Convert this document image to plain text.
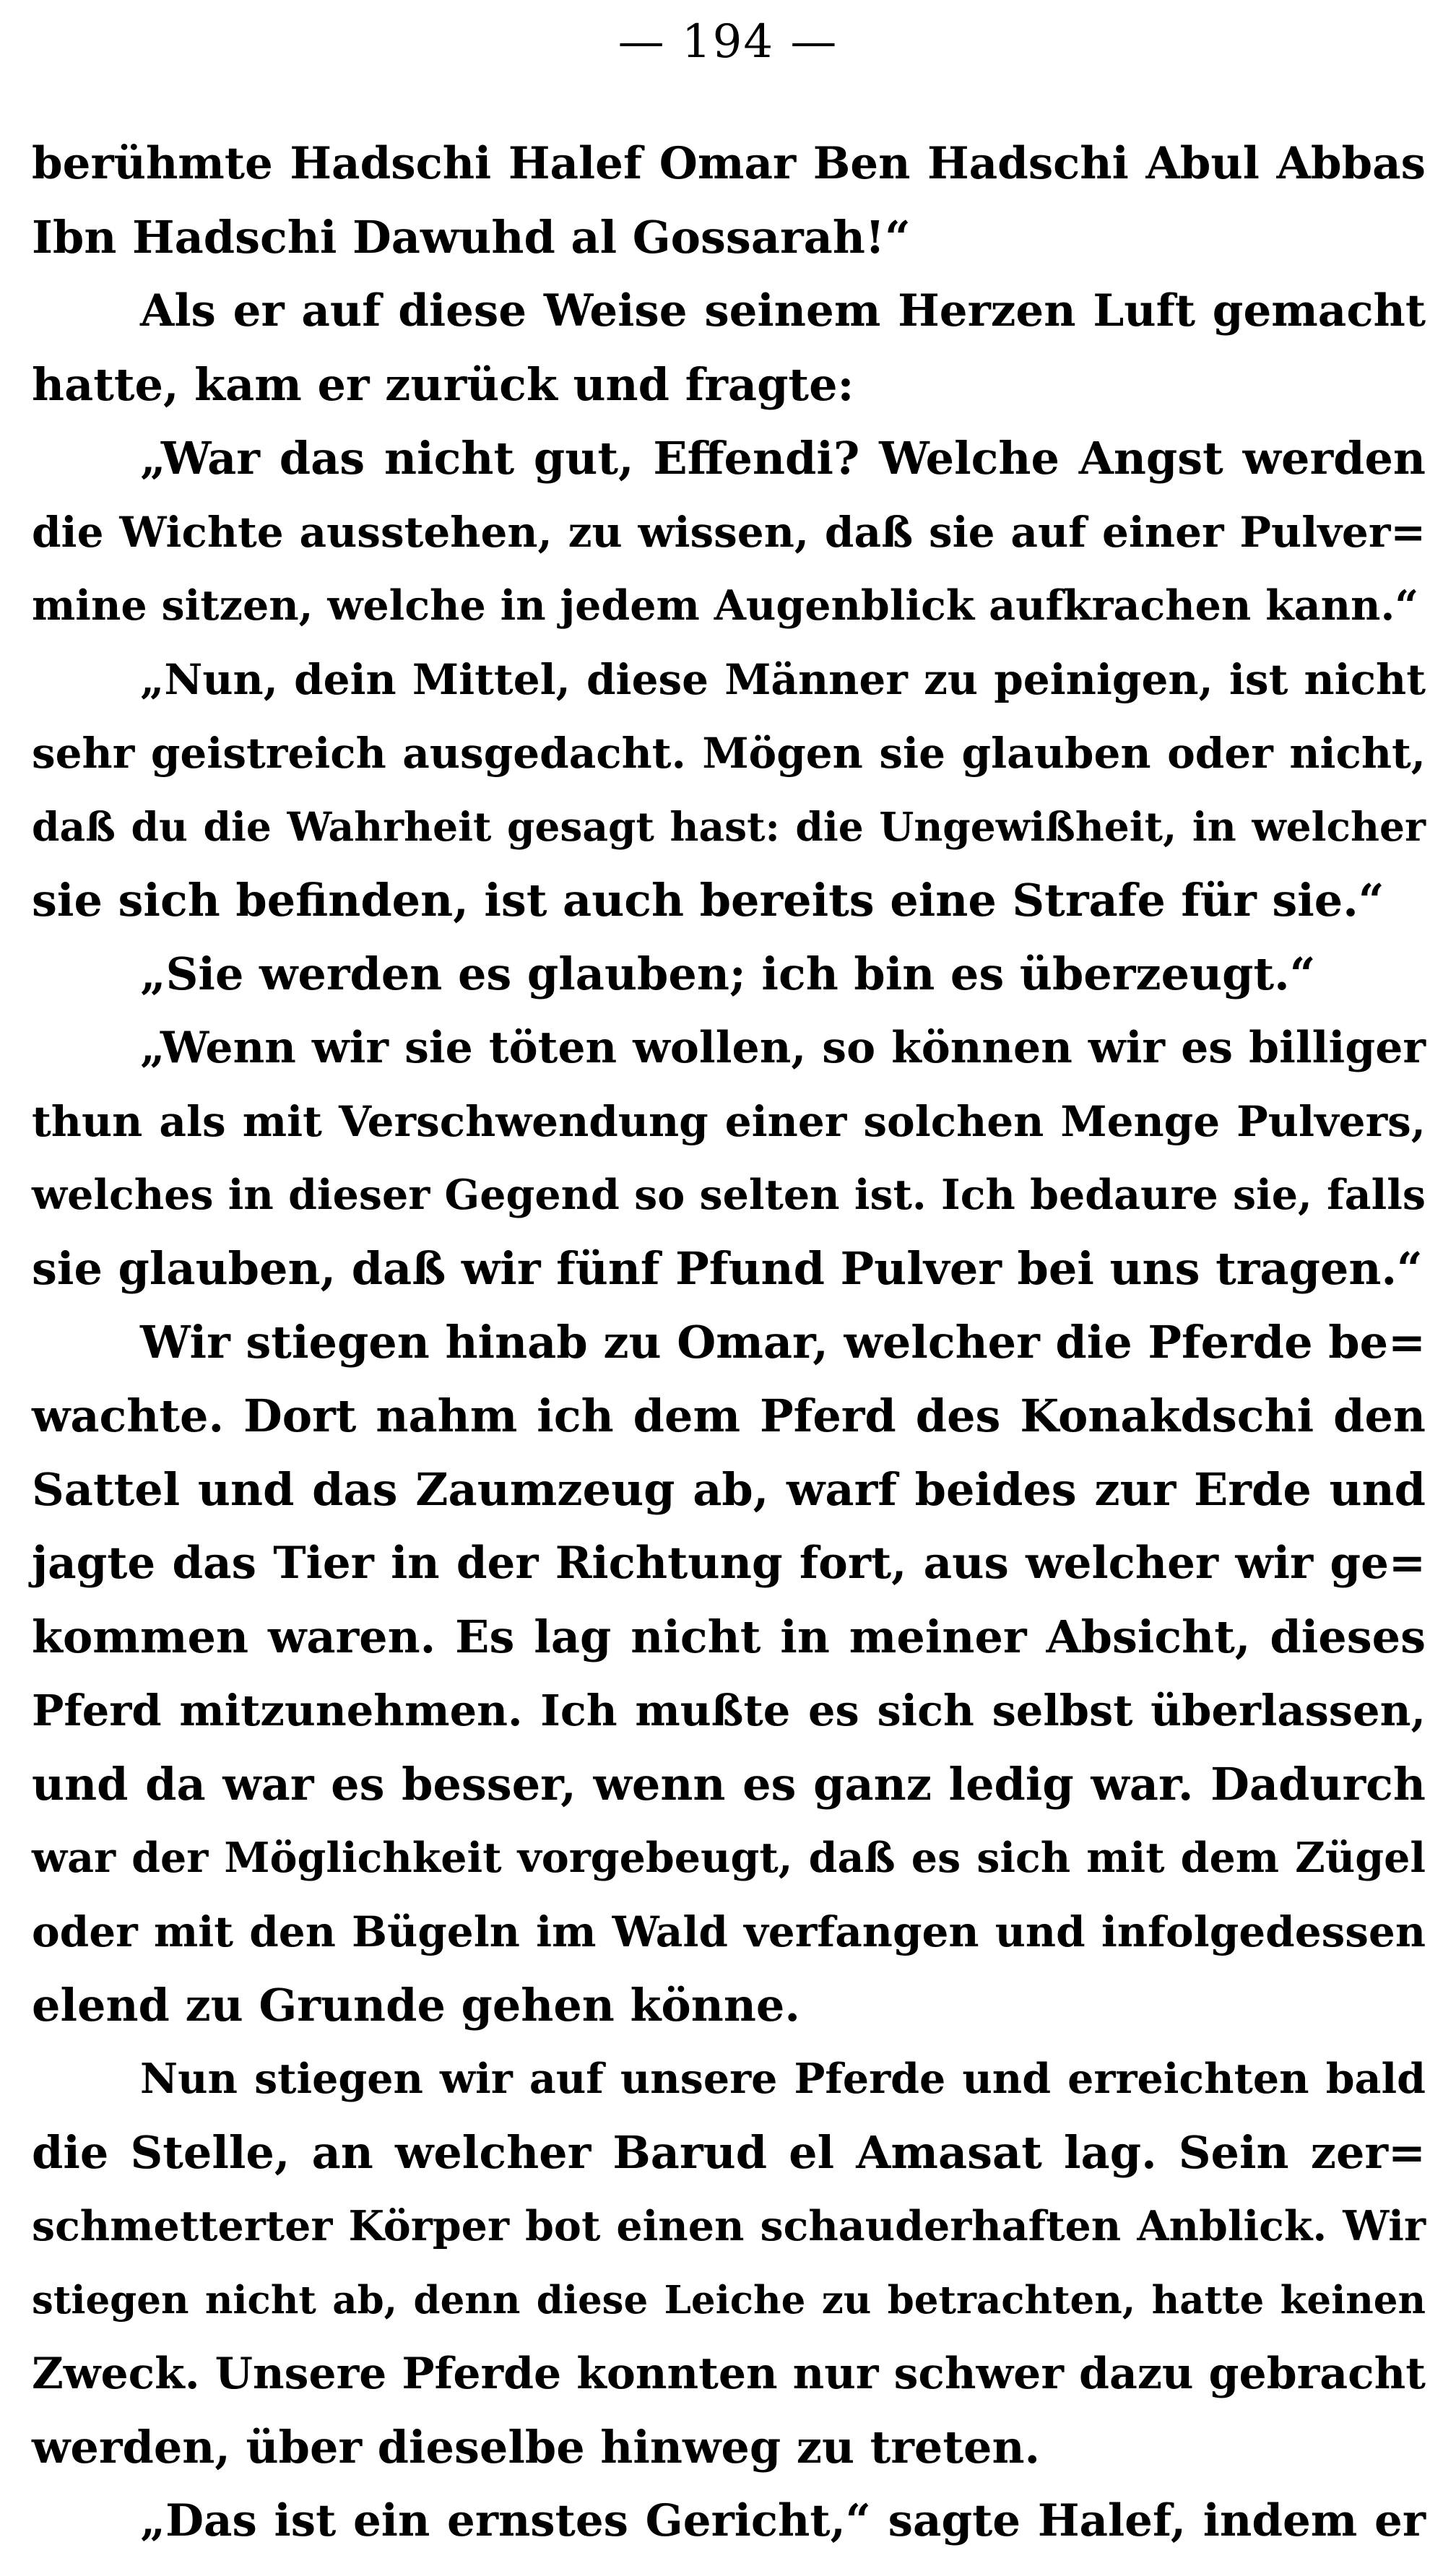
— 194 —
berühmte Hadschi Halef Omar Ben Hadschi Abul Abbas
Ibn Hadschi Dawuhd al Gossarah!“
Als er auf diese Weise seinem Herzen Luft gemacht
hatte, kam er zurück und fragte:
„War das nicht gut, Effendi? Welche Angst werden
die Wichte ausstehen, zu wissen, daß sie auf einer Pulver=
mine sitzen, welche in jedem Augenblick aufkrachen kann.“
„Nun, dein Mittel, diese Männer zu peinigen, ist nicht
sehr geistreich ausgedacht. Mögen sie glauben oder nicht,
daß du die Wahrheit gesagt hast: die Ungewißheit, in welcher
sie sich befinden, ist auch bereits eine Strafe für sie.“
„Sie werden es glauben; ich bin es überzeugt.“
„Wenn wir sie töten wollen, so können wir es billiger
thun als mit Verschwendung einer solchen Menge Pulvers,
welches in dieser Gegend so selten ist. Ich bedaure sie, falls
sie glauben, daß wir fünf Pfund Pulver bei uns tragen.“
Wir stiegen hinab zu Omar, welcher die Pferde be=
wachte. Dort nahm ich dem Pferd des Konakdschi den
Sattel und das Zaumzeug ab, warf beides zur Erde und
jagte das Tier in der Richtung fort, aus welcher wir ge=
kommen waren. Es lag nicht in meiner Absicht, dieses
Pferd mitzunehmen. Ich mußte es sich selbst überlassen,
und da war es besser, wenn es ganz ledig war. Dadurch
war der Möglichkeit vorgebeugt, daß es sich mit dem Zügel
oder mit den Bügeln im Wald verfangen und infolgedessen
elend zu Grunde gehen könne.
Nun stiegen wir auf unsere Pferde und erreichten bald
die Stelle, an welcher Barud el Amasat lag. Sein zer=
schmetterter Körper bot einen schauderhaften Anblick. Wir
stiegen nicht ab, denn diese Leiche zu betrachten, hatte keinen
Zweck. Unsere Pferde konnten nur schwer dazu gebracht
werden, über dieselbe hinweg zu treten.
„Das ist ein ernstes Gericht,“ sagte Halef, indem er
